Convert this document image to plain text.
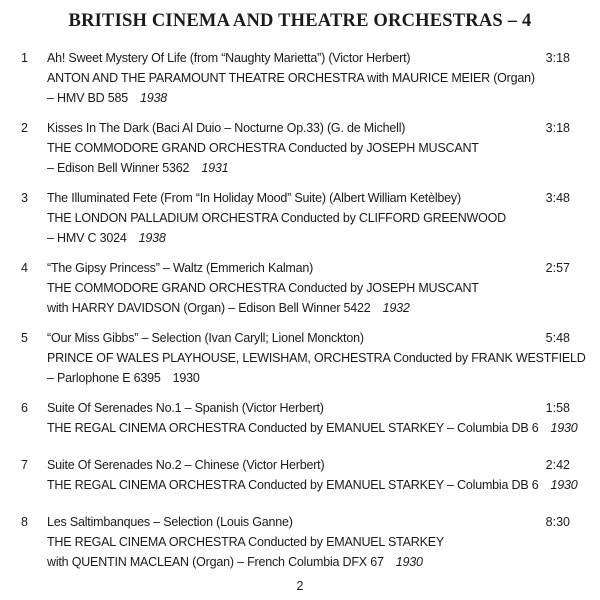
BRITISH CINEMA AND THEATRE ORCHESTRAS – 4
1	Ah! Sweet Mystery Of Life (from “Naughty Marietta”) (Victor Herbert)
ANTON AND THE PARAMOUNT THEATRE ORCHESTRA with MAURICE MEIER (Organ)
– HMV BD 585 1938
3:18
2	Kisses In The Dark (Baci Al Duio – Nocturne Op.33) (G. de Michell)
THE COMMODORE GRAND ORCHESTRA Conducted by JOSEPH MUSCANT
– Edison Bell Winner 5362 1931
3:18
3	The Illuminated Fete (From “In Holiday Mood” Suite) (Albert William Ketèlbey)
THE LONDON PALLADIUM ORCHESTRA Conducted by CLIFFORD GREENWOOD
– HMV C 3024 1938
3:48
4	“The Gipsy Princess” – Waltz (Emmerich Kalman)
THE COMMODORE GRAND ORCHESTRA Conducted by JOSEPH MUSCANT
with HARRY DAVIDSON (Organ) – Edison Bell Winner 5422 1932
2:57
5	“Our Miss Gibbs” – Selection (Ivan Caryll; Lionel Monckton)
PRINCE OF WALES PLAYHOUSE, LEWISHAM, ORCHESTRA Conducted by FRANK WESTFIELD
– Parlophone E 6395 1930
5:48
6	Suite Of Serenades No.1 – Spanish (Victor Herbert)
THE REGAL CINEMA ORCHESTRA Conducted by EMANUEL STARKEY – Columbia DB 6 1930
1:58
7	Suite Of Serenades No.2 – Chinese (Victor Herbert)
THE REGAL CINEMA ORCHESTRA Conducted by EMANUEL STARKEY – Columbia DB 6 1930
2:42
8	Les Saltimbanques – Selection (Louis Ganne)
THE REGAL CINEMA ORCHESTRA Conducted by EMANUEL STARKEY
with QUENTIN MACLEAN (Organ) – French Columbia DFX 67 1930
8:30
2
